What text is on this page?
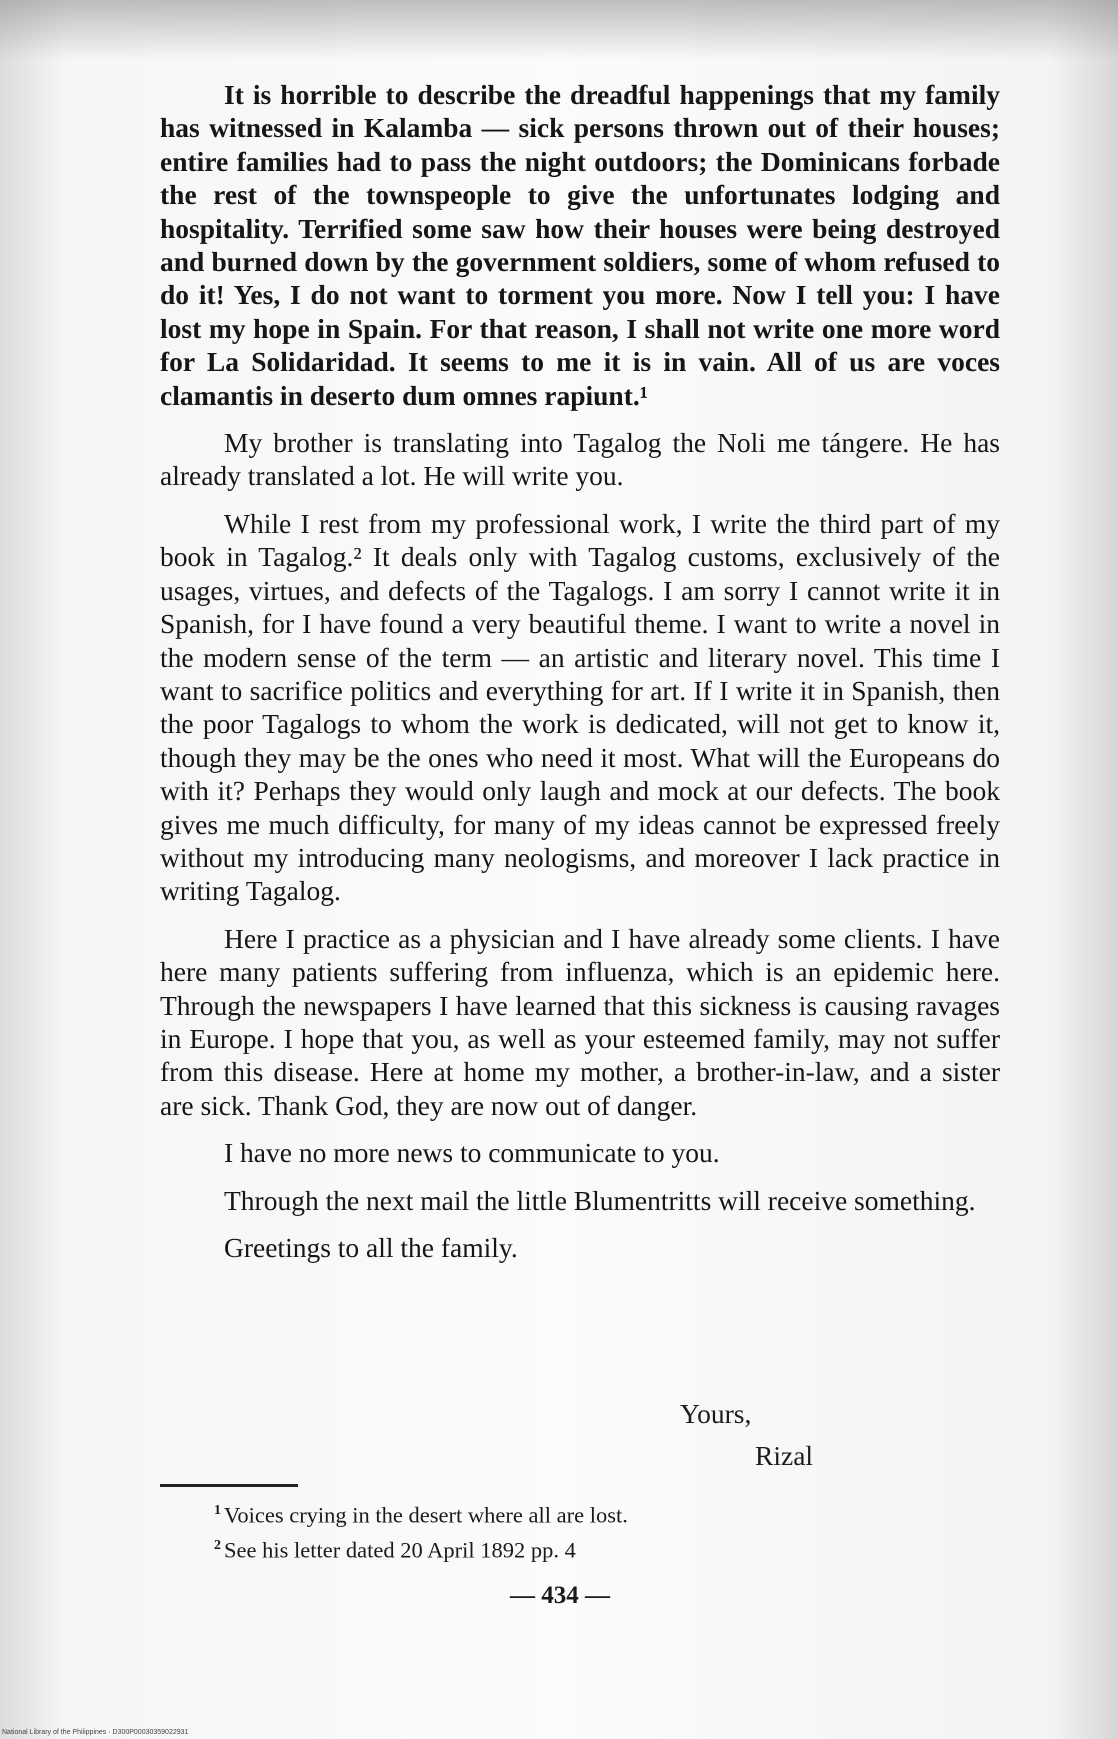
It is horrible to describe the dreadful happenings that my family has witnessed in Kalamba — sick persons thrown out of their houses; entire families had to pass the night outdoors; the Dominicans forbade the rest of the townspeople to give the unfortunates lodging and hospitality. Terrified some saw how their houses were being destroyed and burned down by the government soldiers, some of whom refused to do it! Yes, I do not want to torment you more. Now I tell you: I have lost my hope in Spain. For that reason, I shall not write one more word for La Solidaridad. It seems to me it is in vain. All of us are voces clamantis in deserto dum omnes rapiunt.¹

My brother is translating into Tagalog the Noli me tángere. He has already translated a lot. He will write you.

While I rest from my professional work, I write the third part of my book in Tagalog.² It deals only with Tagalog customs, exclusively of the usages, virtues, and defects of the Tagalogs. I am sorry I cannot write it in Spanish, for I have found a very beautiful theme. I want to write a novel in the modern sense of the term — an artistic and literary novel. This time I want to sacrifice politics and everything for art. If I write it in Spanish, then the poor Tagalogs to whom the work is dedicated, will not get to know it, though they may be the ones who need it most. What will the Europeans do with it? Perhaps they would only laugh and mock at our defects. The book gives me much difficulty, for many of my ideas cannot be expressed freely without my introducing many neologisms, and moreover I lack practice in writing Tagalog.

Here I practice as a physician and I have already some clients. I have here many patients suffering from influenza, which is an epidemic here. Through the newspapers I have learned that this sickness is causing ravages in Europe. I hope that you, as well as your esteemed family, may not suffer from this disease. Here at home my mother, a brother-in-law, and a sister are sick. Thank God, they are now out of danger.

I have no more news to communicate to you.

Through the next mail the little Blumentritts will receive something.

Greetings to all the family.

Yours,
Rizal
$^1$ Voices crying in the desert where all are lost.
$^2$ See his letter dated 20 April 1892 pp. 4
— 434 —
National Library of the Philippines · D300P00030359022931
